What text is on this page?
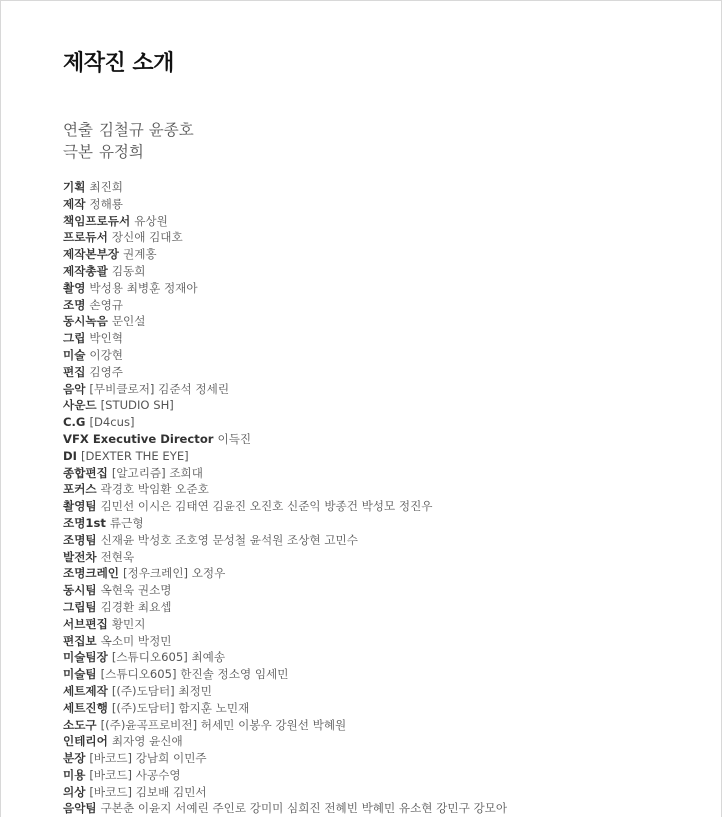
제작진 소개
연출 김철규 윤종호
극본 유정희
기획 최진희
제작 정해룡
책임프로듀서 유상원
프로듀서 장신애 김대호
제작본부장 권계홍
제작총괄 김동희
촬영 박성용 최병훈 정재아
조명 손영규
동시녹음 문인설
그립 박인혁
미술 이강현
편집 김영주
음악 [무비클로저] 김준석 정세린
사운드 [STUDIO SH]
C.G [D4cus]
VFX Executive Director 이득진
DI [DEXTER THE EYE]
종합편집 [알고리즘] 조희대
포커스 곽경호 박임환 오준호
촬영팀 김민선 이시은 김태연 김윤진 오진호 신준익 방종건 박성모 정진우
조명1st 류근형
조명팀 신재윤 박성호 조호영 문성철 윤석원 조상현 고민수
발전차 전현욱
조명크레인 [정우크레인] 오정우
동시팀 옥현욱 권소명
그립팀 김경환 최요셉
서브편집 황민지
편집보 옥소미 박정민
미술팀장 [스튜디오605] 최예송
미술팀 [스튜디오605] 한진솔 정소영 임세민
세트제작 [(주)도담터] 최정민
세트진행 [(주)도담터] 함지훈 노민재
소도구 [(주)윤곡프로비전] 허세민 이봉우 강원선 박혜원
인테리어 최자영 윤신애
분장 [바코드] 강남희 이민주
미용 [바코드] 사공수영
의상 [바코드] 김보배 김민서
음악팀 구본춘 이윤지 서예린 주인로 강미미 심희진 전혜빈 박혜민 유소현 강민구 강모아
